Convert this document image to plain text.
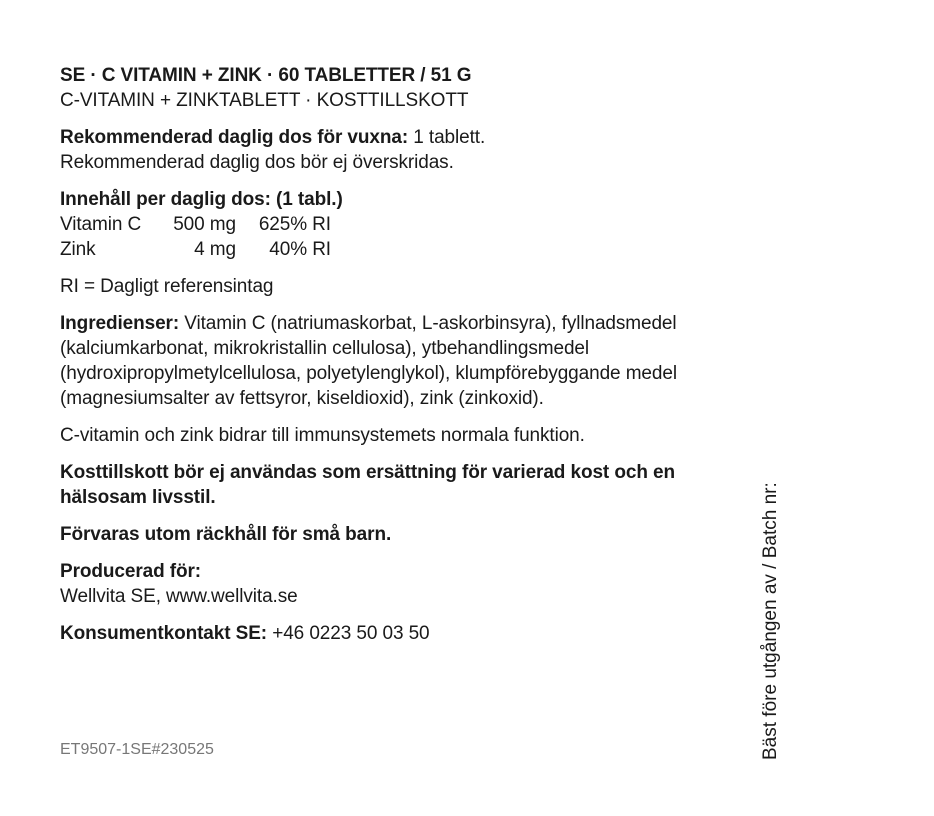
SE · C VITAMIN + ZINK · 60 TABLETTER / 51 G
C-VITAMIN + ZINKTABLETT · KOSTTILLSKOTT
Rekommenderad daglig dos för vuxna: 1 tablett.
Rekommenderad daglig dos bör ej överskridas.
Innehåll per daglig dos: (1 tabl.)
Vitamin C	500 mg	625% RI
Zink	4 mg	40% RI
RI = Dagligt referensintag
Ingredienser: Vitamin C (natriumaskorbat, L-askorbinsyra), fyllnadsmedel (kalciumkarbonat, mikrokristallin cellulosa), ytbehandlingsmedel (hydroxipropylmetylcellulosa, polyetylenglykol), klumpförebyggande medel (magnesiumsalter av fettsyror, kiseldioxid), zink (zinkoxid).
C-vitamin och zink bidrar till immunsystemets normala funktion.
Kosttillskott bör ej användas som ersättning för varierad kost och en hälsosam livsstil.
Förvaras utom räckhåll för små barn.
Producerad för:
Wellvita SE, www.wellvita.se
Konsumentkontakt SE: +46 0223 50 03 50
ET9507-1SE#230525	Bäst före utgången av / Batch nr:
